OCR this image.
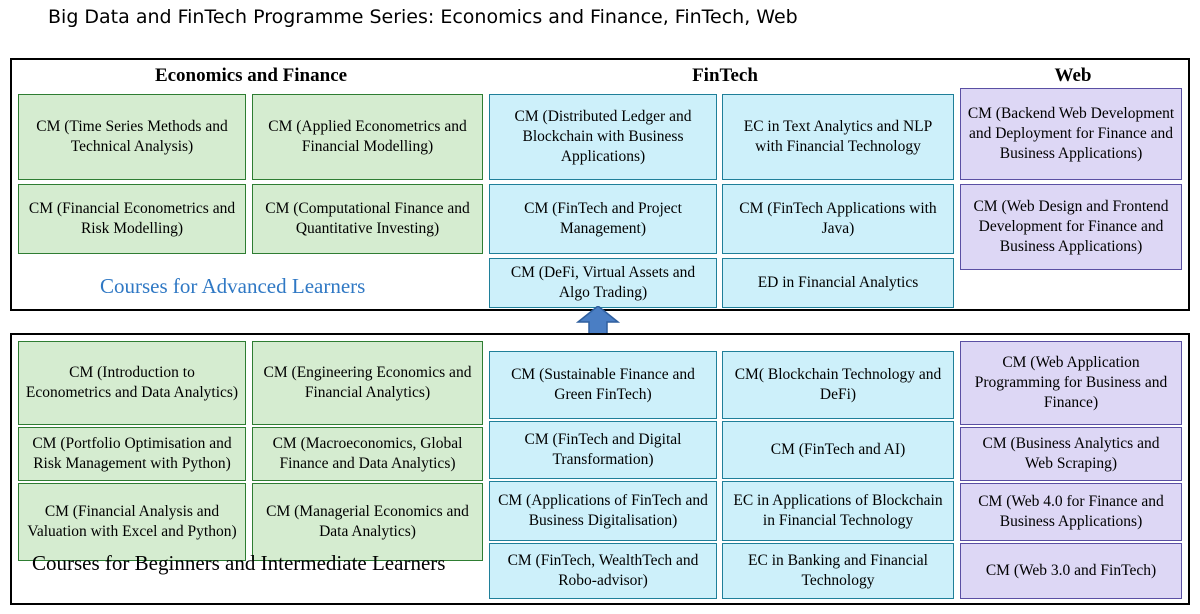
Big Data and FinTech Programme Series: Economics and Finance, FinTech, Web
Economics and Finance	FinTech	Web
CM (Time Series Methods and Technical Analysis)
CM (Financial Econometrics and Risk Modelling)
CM (Applied Econometrics and Financial Modelling)
CM (Computational Finance and Quantitative Investing)
CM (Distributed Ledger and Blockchain with Business Applications)
CM (FinTech and Project Management)
CM (DeFi, Virtual Assets and Algo Trading)
EC in Text Analytics and NLP with Financial Technology
CM (FinTech Applications with Java)
ED in Financial Analytics
CM (Backend Web Development and Deployment for Finance and Business Applications)
CM (Web Design and Frontend Development for Finance and Business Applications)
Courses for Advanced Learners
CM (Introduction to Econometrics and Data Analytics)
CM (Portfolio Optimisation and Risk Management with Python)
CM (Financial Analysis and Valuation with Excel and Python)
CM (Engineering Economics and Financial Analytics)
CM (Macroeconomics, Global Finance and Data Analytics)
CM (Managerial Economics and Data Analytics)
CM (Sustainable Finance and Green FinTech)
CM (FinTech and Digital Transformation)
CM (Applications of FinTech and Business Digitalisation)
CM (FinTech, WealthTech and Robo-advisor)
CM( Blockchain Technology and DeFi)
CM (FinTech and AI)
EC in Applications of Blockchain in Financial Technology
EC in Banking and Financial Technology
CM (Web Application Programming for Business and Finance)
CM (Business Analytics and Web Scraping)
CM (Web 4.0 for Finance and Business Applications)
CM (Web 3.0 and FinTech)
Courses for Beginners and Intermediate Learners
